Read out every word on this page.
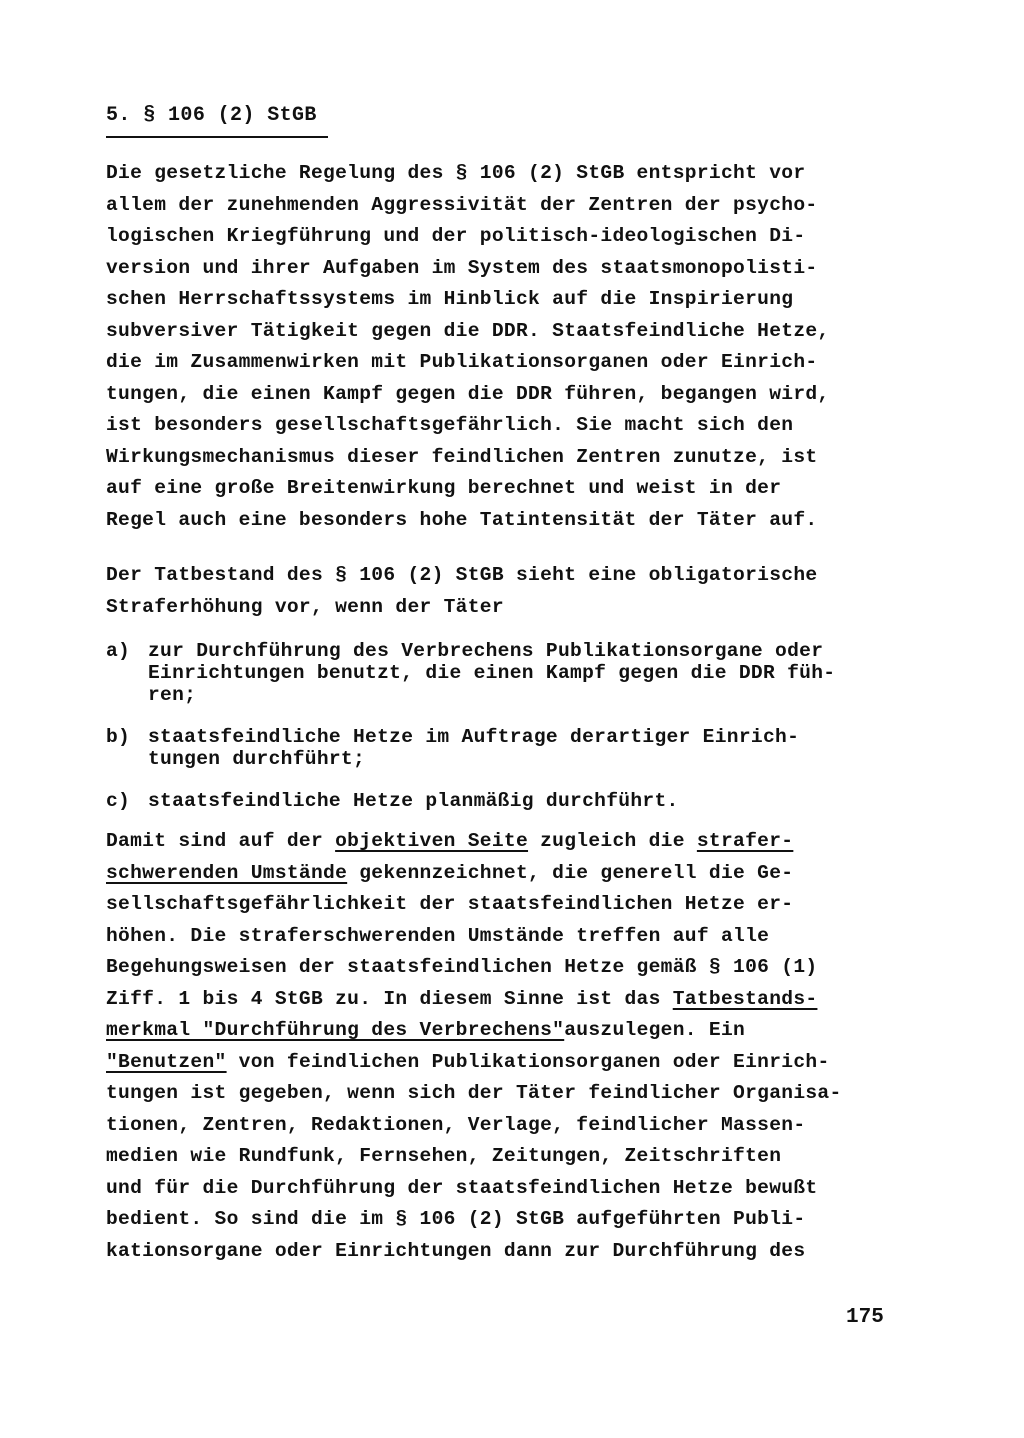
5. § 106 (2) StGB

Die gesetzliche Regelung des § 106 (2) StGB entspricht vor

allem der zunehmenden Aggressivität der Zentren der psycho-

logischen Kriegführung und der politisch-ideologischen Di-

version und ihrer Aufgaben im System des staatsmonopolisti-

schen Herrschaftssystems im Hinblick auf die Inspirierung

subversiver Tätigkeit gegen die DDR. Staatsfeindliche Hetze,

die im Zusammenwirken mit Publikationsorganen oder Einrich-

tungen, die einen Kampf gegen die DDR führen, begangen wird,

ist besonders gesellschaftsgefährlich. Sie macht sich den

Wirkungsmechanismus dieser feindlichen Zentren zunutze, ist

auf eine große Breitenwirkung berechnet und weist in der

Regel auch eine besonders hohe Tatintensität der Täter auf.

Der Tatbestand des § 106 (2) StGB sieht eine obligatorische

Straferhöhung vor, wenn der Täter

a) zur Durchführung des Verbrechens Publikationsorgane oder

Einrichtungen benutzt, die einen Kampf gegen die DDR füh-

ren;

b) staatsfeindliche Hetze im Auftrage derartiger Einrich-

tungen durchführt;

c) staatsfeindliche Hetze planmäßig durchführt.

Damit sind auf der objektiven Seite zugleich die strafer-

schwerenden Umstände gekennzeichnet, die generell die Ge-

sellschaftsgefährlichkeit der staatsfeindlichen Hetze er-

höhen. Die straferschwerenden Umstände treffen auf alle

Begehungsweisen der staatsfeindlichen Hetze gemäß § 106 (1)

Ziff. 1 bis 4 StGB zu. In diesem Sinne ist das Tatbestands-

merkmal "Durchführung des Verbrechens"auszulegen. Ein

"Benutzen" von feindlichen Publikationsorganen oder Einrich-

tungen ist gegeben, wenn sich der Täter feindlicher Organisa-

tionen, Zentren, Redaktionen, Verlage, feindlicher Massen-

medien wie Rundfunk, Fernsehen, Zeitungen, Zeitschriften

und für die Durchführung der staatsfeindlichen Hetze bewußt

bedient. So sind die im § 106 (2) StGB aufgeführten Publi-

kationsorgane oder Einrichtungen dann zur Durchführung des

175
